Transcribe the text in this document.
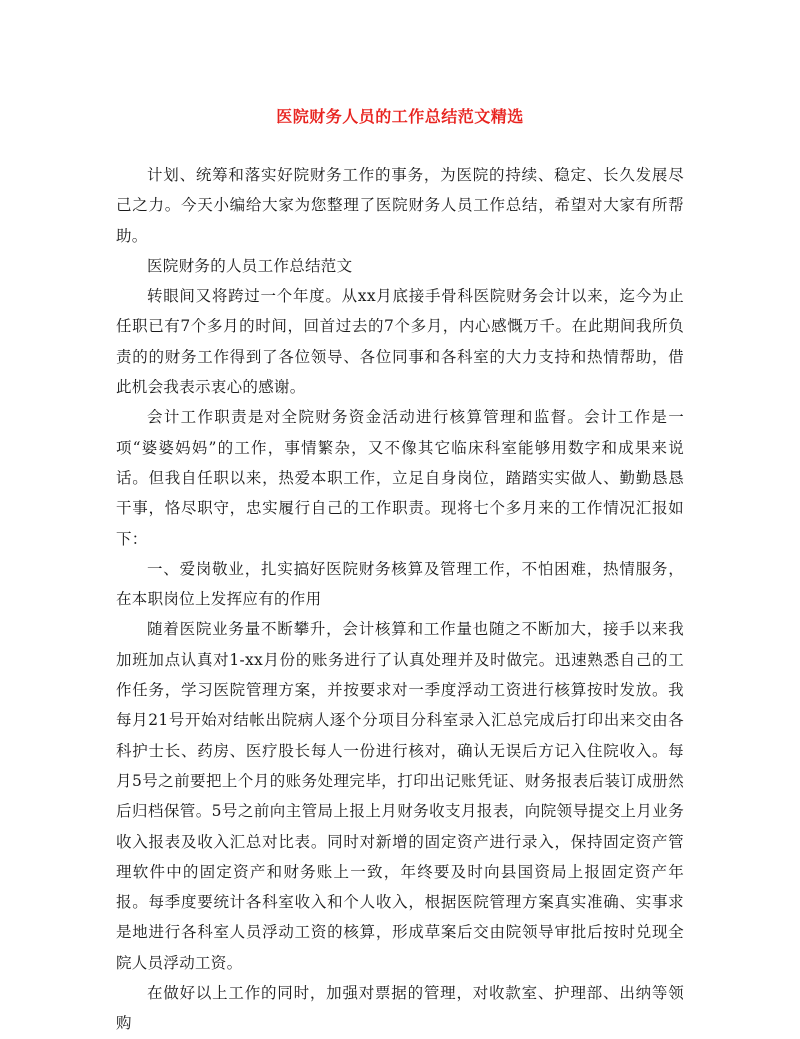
医院财务人员的工作总结范文精选

计划、统筹和落实好院财务工作的事务，为医院的持续、稳定、长久发展尽己之力。今天小编给大家为您整理了医院财务人员工作总结，希望对大家有所帮助。

医院财务的人员工作总结范文

转眼间又将跨过一个年度。从xx月底接手骨科医院财务会计以来，迄今为止任职已有7个多月的时间，回首过去的7个多月，内心感慨万千。在此期间我所负责的的财务工作得到了各位领导、各位同事和各科室的大力支持和热情帮助，借此机会我表示衷心的感谢。

会计工作职责是对全院财务资金活动进行核算管理和监督。会计工作是一项“婆婆妈妈”的工作，事情繁杂，又不像其它临床科室能够用数字和成果来说话。但我自任职以来，热爱本职工作，立足自身岗位，踏踏实实做人、勤勤恳恳干事，恪尽职守，忠实履行自己的工作职责。现将七个多月来的工作情况汇报如下：

一、爱岗敬业，扎实搞好医院财务核算及管理工作，不怕困难，热情服务，在本职岗位上发挥应有的作用

随着医院业务量不断攀升，会计核算和工作量也随之不断加大，接手以来我加班加点认真对1-xx月份的账务进行了认真处理并及时做完。迅速熟悉自己的工作任务，学习医院管理方案，并按要求对一季度浮动工资进行核算按时发放。我每月21号开始对结帐出院病人逐个分项目分科室录入汇总完成后打印出来交由各科护士长、药房、医疗股长每人一份进行核对，确认无误后方记入住院收入。每月5号之前要把上个月的账务处理完毕，打印出记账凭证、财务报表后装订成册然后归档保管。5号之前向主管局上报上月财务收支月报表，向院领导提交上月业务收入报表及收入汇总对比表。同时对新增的固定资产进行录入，保持固定资产管理软件中的固定资产和财务账上一致，年终要及时向县国资局上报固定资产年报。每季度要统计各科室收入和个人收入，根据医院管理方案真实准确、实事求是地进行各科室人员浮动工资的核算，形成草案后交由院领导审批后按时兑现全院人员浮动工资。

在做好以上工作的同时，加强对票据的管理，对收款室、护理部、出纳等领购
